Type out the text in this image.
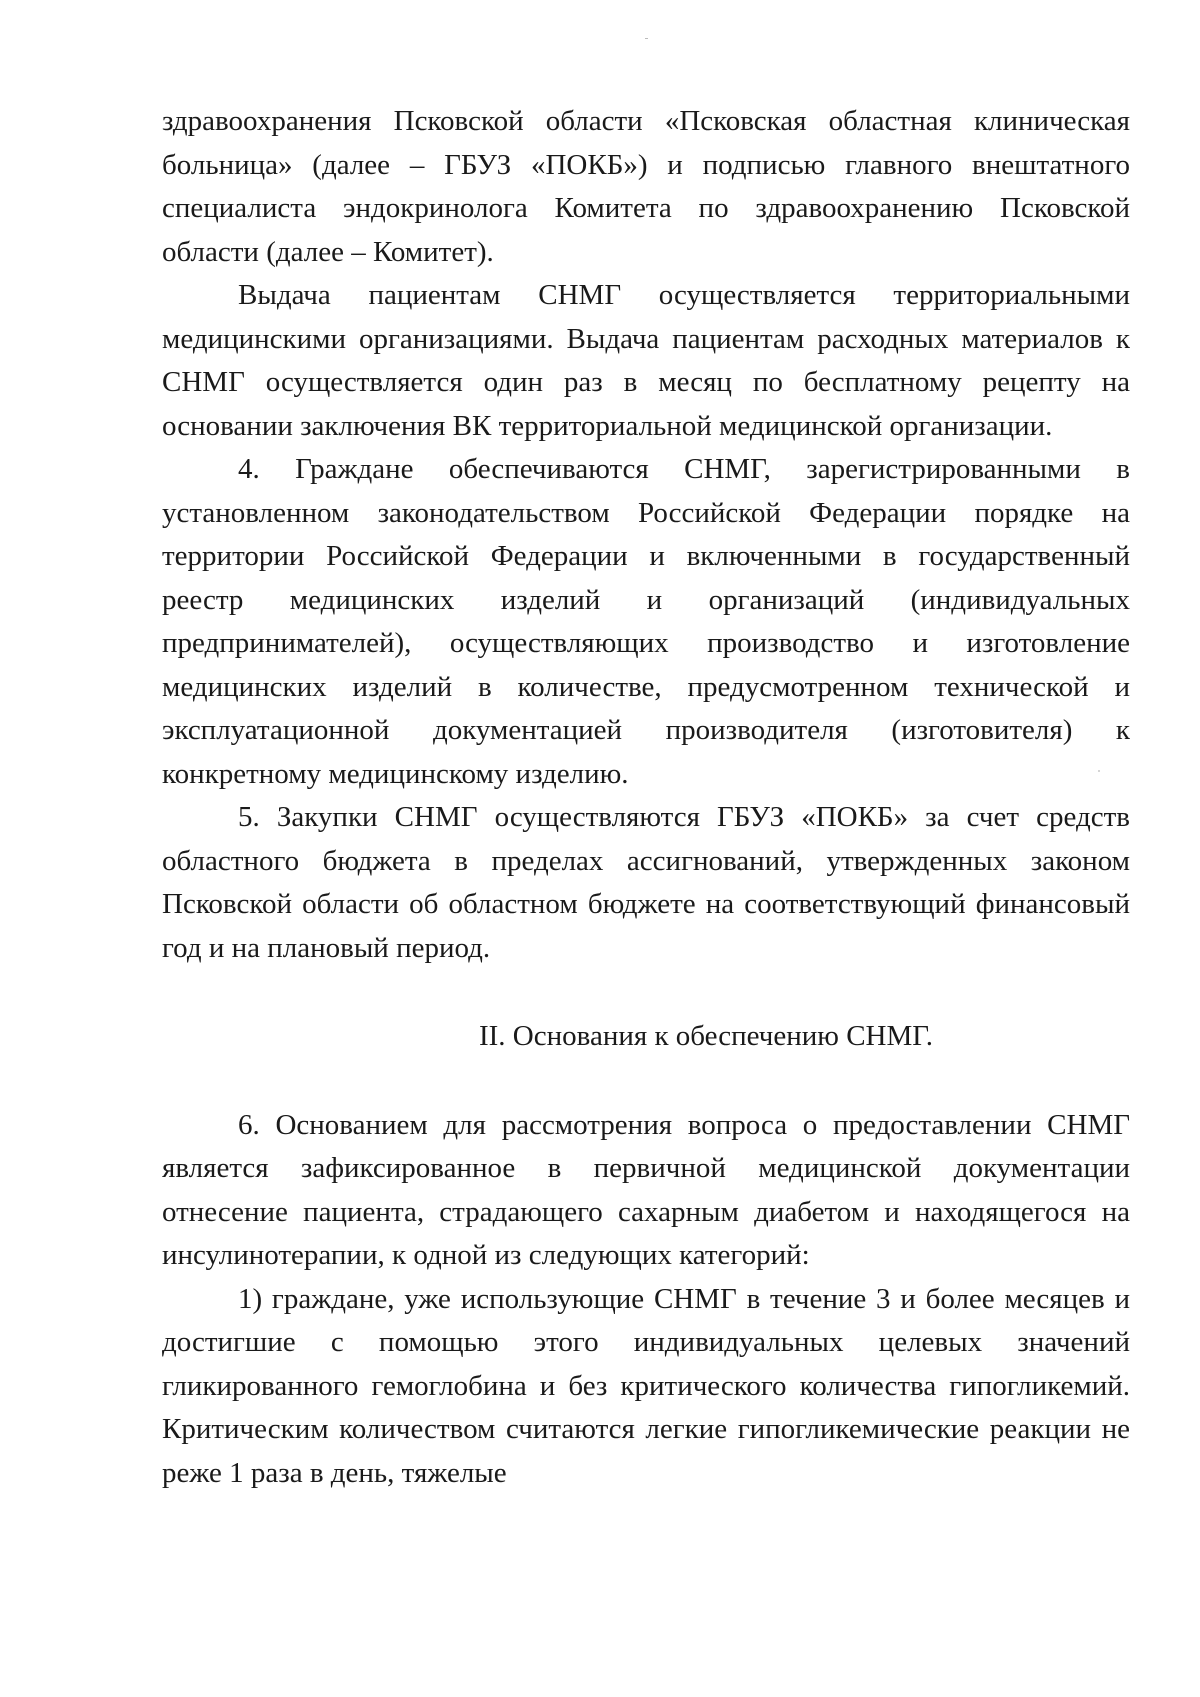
здравоохранения Псковской области «Псковская областная клиническая больница» (далее – ГБУЗ «ПОКБ») и подписью главного внештатного специалиста эндокринолога Комитета по здравоохранению Псковской области (далее – Комитет).

Выдача пациентам СНМГ осуществляется территориальными медицинскими организациями. Выдача пациентам расходных материалов к СНМГ осуществляется один раз в месяц по бесплатному рецепту на основании заключения ВК территориальной медицинской организации.

4. Граждане обеспечиваются СНМГ, зарегистрированными в установленном законодательством Российской Федерации порядке на территории Российской Федерации и включенными в государственный реестр медицинских изделий и организаций (индивидуальных предпринимателей), осуществляющих производство и изготовление медицинских изделий в количестве, предусмотренном технической и эксплуатационной документацией производителя (изготовителя) к конкретному медицинскому изделию.

5. Закупки СНМГ осуществляются ГБУЗ «ПОКБ» за счет средств областного бюджета в пределах ассигнований, утвержденных законом Псковской области об областном бюджете на соответствующий финансовый год и на плановый период.

II. Основания к обеспечению СНМГ.

6. Основанием для рассмотрения вопроса о предоставлении СНМГ является зафиксированное в первичной медицинской документации отнесение пациента, страдающего сахарным диабетом и находящегося на инсулинотерапии, к одной из следующих категорий:

1) граждане, уже использующие СНМГ в течение 3 и более месяцев и достигшие с помощью этого индивидуальных целевых значений гликированного гемоглобина и без критического количества гипогликемий. Критическим количеством считаются легкие гипогликемические реакции не реже 1 раза в день, тяжелые
